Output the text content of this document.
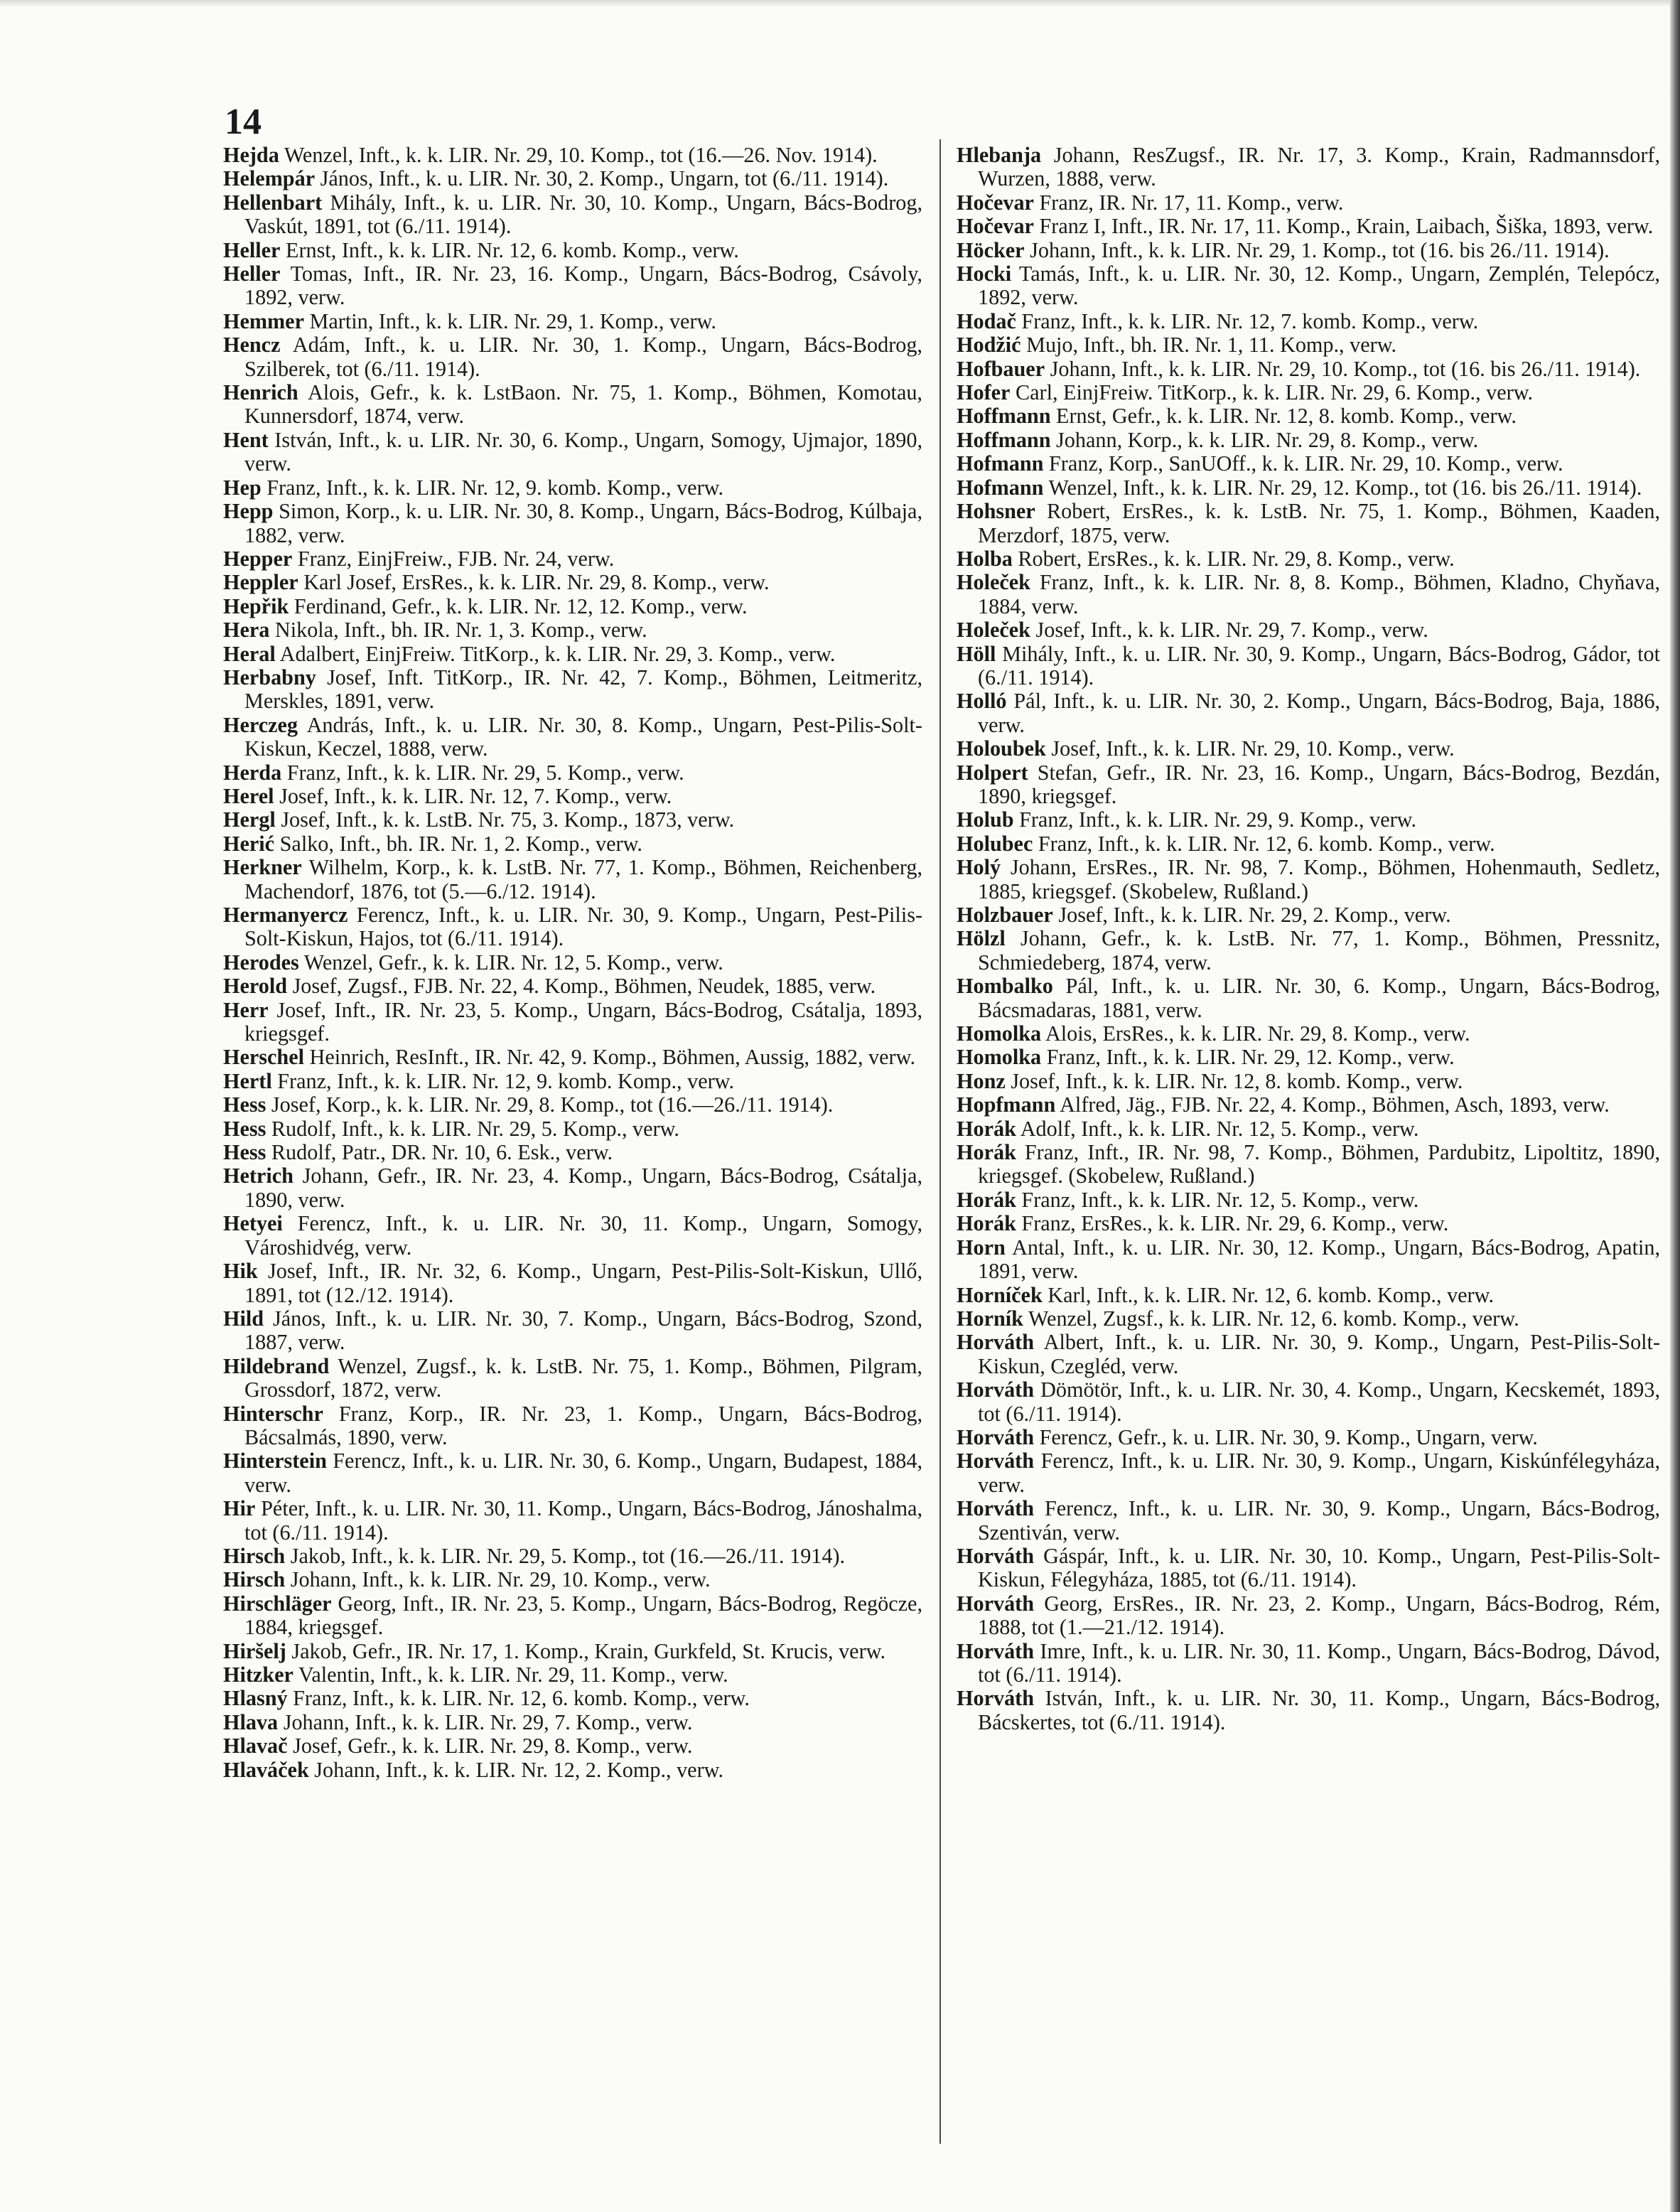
14
Hejda Wenzel, Inft., k. k. LIR. Nr. 29, 10. Komp., tot (16.—26. Nov. 1914).
Helempár János, Inft., k. u. LIR. Nr. 30, 2. Komp., Ungarn, tot (6./11. 1914).
Hellenbart Mihály, Inft., k. u. LIR. Nr. 30, 10. Komp., Ungarn, Bács-Bodrog, Vaskút, 1891, tot (6./11. 1914).
Heller Ernst, Inft., k. k. LIR. Nr. 12, 6. komb. Komp., verw.
Heller Tomas, Inft., IR. Nr. 23, 16. Komp., Ungarn, Bács-Bodrog, Csávoly, 1892, verw.
Hemmer Martin, Inft., k. k. LIR. Nr. 29, 1. Komp., verw.
Hencz Adám, Inft., k. u. LIR. Nr. 30, 1. Komp., Ungarn, Bács-Bodrog, Szilberek, tot (6./11. 1914).
Henrich Alois, Gefr., k. k. LstBaon. Nr. 75, 1. Komp., Böhmen, Komotau, Kunnersdorf, 1874, verw.
Hent István, Inft., k. u. LIR. Nr. 30, 6. Komp., Ungarn, Somogy, Ujmajor, 1890, verw.
Hep Franz, Inft., k. k. LIR. Nr. 12, 9. komb. Komp., verw.
Hepp Simon, Korp., k. u. LIR. Nr. 30, 8. Komp., Ungarn, Bács-Bodrog, Kúlbaja, 1882, verw.
Hepper Franz, EinjFreiw., FJB. Nr. 24, verw.
Heppler Karl Josef, ErsRes., k. k. LIR. Nr. 29, 8. Komp., verw.
Hepřik Ferdinand, Gefr., k. k. LIR. Nr. 12, 12. Komp., verw.
Hera Nikola, Inft., bh. IR. Nr. 1, 3. Komp., verw.
Heral Adalbert, EinjFreiw. TitKorp., k. k. LIR. Nr. 29, 3. Komp., verw.
Herbabny Josef, Inft. TitKorp., IR. Nr. 42, 7. Komp., Böhmen, Leitmeritz, Merskles, 1891, verw.
Herczeg András, Inft., k. u. LIR. Nr. 30, 8. Komp., Ungarn, Pest-Pilis-Solt-Kiskun, Keczel, 1888, verw.
Herda Franz, Inft., k. k. LIR. Nr. 29, 5. Komp., verw.
Herel Josef, Inft., k. k. LIR. Nr. 12, 7. Komp., verw.
Hergl Josef, Inft., k. k. LstB. Nr. 75, 3. Komp., 1873, verw.
Herić Salko, Inft., bh. IR. Nr. 1, 2. Komp., verw.
Herkner Wilhelm, Korp., k. k. LstB. Nr. 77, 1. Komp., Böhmen, Reichenberg, Machendorf, 1876, tot (5.—6./12. 1914).
Hermanyercz Ferencz, Inft., k. u. LIR. Nr. 30, 9. Komp., Ungarn, Pest-Pilis-Solt-Kiskun, Hajos, tot (6./11. 1914).
Herodes Wenzel, Gefr., k. k. LIR. Nr. 12, 5. Komp., verw.
Herold Josef, Zugsf., FJB. Nr. 22, 4. Komp., Böhmen, Neudek, 1885, verw.
Herr Josef, Inft., IR. Nr. 23, 5. Komp., Ungarn, Bács-Bodrog, Csátalja, 1893, kriegsgef.
Herschel Heinrich, ResInft., IR. Nr. 42, 9. Komp., Böhmen, Aussig, 1882, verw.
Hertl Franz, Inft., k. k. LIR. Nr. 12, 9. komb. Komp., verw.
Hess Josef, Korp., k. k. LIR. Nr. 29, 8. Komp., tot (16.—26./11. 1914).
Hess Rudolf, Inft., k. k. LIR. Nr. 29, 5. Komp., verw.
Hess Rudolf, Patr., DR. Nr. 10, 6. Esk., verw.
Hetrich Johann, Gefr., IR. Nr. 23, 4. Komp., Ungarn, Bács-Bodrog, Csátalja, 1890, verw.
Hetyei Ferencz, Inft., k. u. LIR. Nr. 30, 11. Komp., Ungarn, Somogy, Városhidvég, verw.
Hik Josef, Inft., IR. Nr. 32, 6. Komp., Ungarn, Pest-Pilis-Solt-Kiskun, Ullő, 1891, tot (12./12. 1914).
Hild János, Inft., k. u. LIR. Nr. 30, 7. Komp., Ungarn, Bács-Bodrog, Szond, 1887, verw.
Hildebrand Wenzel, Zugsf., k. k. LstB. Nr. 75, 1. Komp., Böhmen, Pilgram, Grossdorf, 1872, verw.
Hinterschr Franz, Korp., IR. Nr. 23, 1. Komp., Ungarn, Bács-Bodrog, Bácsalmás, 1890, verw.
Hinterstein Ferencz, Inft., k. u. LIR. Nr. 30, 6. Komp., Ungarn, Budapest, 1884, verw.
Hir Péter, Inft., k. u. LIR. Nr. 30, 11. Komp., Ungarn, Bács-Bodrog, Jánoshalma, tot (6./11. 1914).
Hirsch Jakob, Inft., k. k. LIR. Nr. 29, 5. Komp., tot (16.—26./11. 1914).
Hirsch Johann, Inft., k. k. LIR. Nr. 29, 10. Komp., verw.
Hirschläger Georg, Inft., IR. Nr. 23, 5. Komp., Ungarn, Bács-Bodrog, Regöcze, 1884, kriegsgef.
Hiršelj Jakob, Gefr., IR. Nr. 17, 1. Komp., Krain, Gurkfeld, St. Krucis, verw.
Hitzker Valentin, Inft., k. k. LIR. Nr. 29, 11. Komp., verw.
Hlasný Franz, Inft., k. k. LIR. Nr. 12, 6. komb. Komp., verw.
Hlava Johann, Inft., k. k. LIR. Nr. 29, 7. Komp., verw.
Hlavač Josef, Gefr., k. k. LIR. Nr. 29, 8. Komp., verw.
Hlaváček Johann, Inft., k. k. LIR. Nr. 12, 2. Komp., verw.
Hlebanja Johann, ResZugsf., IR. Nr. 17, 3. Komp., Krain, Radmannsdorf, Wurzen, 1888, verw.
Hočevar Franz, IR. Nr. 17, 11. Komp., verw.
Hočevar Franz I, Inft., IR. Nr. 17, 11. Komp., Krain, Laibach, Šiška, 1893, verw.
Höcker Johann, Inft., k. k. LIR. Nr. 29, 1. Komp., tot (16. bis 26./11. 1914).
Hocki Tamás, Inft., k. u. LIR. Nr. 30, 12. Komp., Ungarn, Zemplén, Telepócz, 1892, verw.
Hodač Franz, Inft., k. k. LIR. Nr. 12, 7. komb. Komp., verw.
Hodžić Mujo, Inft., bh. IR. Nr. 1, 11. Komp., verw.
Hofbauer Johann, Inft., k. k. LIR. Nr. 29, 10. Komp., tot (16. bis 26./11. 1914).
Hofer Carl, EinjFreiw. TitKorp., k. k. LIR. Nr. 29, 6. Komp., verw.
Hoffmann Ernst, Gefr., k. k. LIR. Nr. 12, 8. komb. Komp., verw.
Hoffmann Johann, Korp., k. k. LIR. Nr. 29, 8. Komp., verw.
Hofmann Franz, Korp., SanUOff., k. k. LIR. Nr. 29, 10. Komp., verw.
Hofmann Wenzel, Inft., k. k. LIR. Nr. 29, 12. Komp., tot (16. bis 26./11. 1914).
Hohsner Robert, ErsRes., k. k. LstB. Nr. 75, 1. Komp., Böhmen, Kaaden, Merzdorf, 1875, verw.
Holba Robert, ErsRes., k. k. LIR. Nr. 29, 8. Komp., verw.
Holeček Franz, Inft., k. k. LIR. Nr. 8, 8. Komp., Böhmen, Kladno, Chyňava, 1884, verw.
Holeček Josef, Inft., k. k. LIR. Nr. 29, 7. Komp., verw.
Höll Mihály, Inft., k. u. LIR. Nr. 30, 9. Komp., Ungarn, Bács-Bodrog, Gádor, tot (6./11. 1914).
Holló Pál, Inft., k. u. LIR. Nr. 30, 2. Komp., Ungarn, Bács-Bodrog, Baja, 1886, verw.
Holoubek Josef, Inft., k. k. LIR. Nr. 29, 10. Komp., verw.
Holpert Stefan, Gefr., IR. Nr. 23, 16. Komp., Ungarn, Bács-Bodrog, Bezdán, 1890, kriegsgef.
Holub Franz, Inft., k. k. LIR. Nr. 29, 9. Komp., verw.
Holubec Franz, Inft., k. k. LIR. Nr. 12, 6. komb. Komp., verw.
Holý Johann, ErsRes., IR. Nr. 98, 7. Komp., Böhmen, Hohenmauth, Sedletz, 1885, kriegsgef. (Skobelew, Rußland.)
Holzbauer Josef, Inft., k. k. LIR. Nr. 29, 2. Komp., verw.
Hölzl Johann, Gefr., k. k. LstB. Nr. 77, 1. Komp., Böhmen, Pressnitz, Schmiedeberg, 1874, verw.
Hombalko Pál, Inft., k. u. LIR. Nr. 30, 6. Komp., Ungarn, Bács-Bodrog, Bácsmadaras, 1881, verw.
Homolka Alois, ErsRes., k. k. LIR. Nr. 29, 8. Komp., verw.
Homolka Franz, Inft., k. k. LIR. Nr. 29, 12. Komp., verw.
Honz Josef, Inft., k. k. LIR. Nr. 12, 8. komb. Komp., verw.
Hopfmann Alfred, Jäg., FJB. Nr. 22, 4. Komp., Böhmen, Asch, 1893, verw.
Horák Adolf, Inft., k. k. LIR. Nr. 12, 5. Komp., verw.
Horák Franz, Inft., IR. Nr. 98, 7. Komp., Böhmen, Pardubitz, Lipoltitz, 1890, kriegsgef. (Skobelew, Rußland.)
Horák Franz, Inft., k. k. LIR. Nr. 12, 5. Komp., verw.
Horák Franz, ErsRes., k. k. LIR. Nr. 29, 6. Komp., verw.
Horn Antal, Inft., k. u. LIR. Nr. 30, 12. Komp., Ungarn, Bács-Bodrog, Apatin, 1891, verw.
Horníček Karl, Inft., k. k. LIR. Nr. 12, 6. komb. Komp., verw.
Horník Wenzel, Zugsf., k. k. LIR. Nr. 12, 6. komb. Komp., verw.
Horváth Albert, Inft., k. u. LIR. Nr. 30, 9. Komp., Ungarn, Pest-Pilis-Solt-Kiskun, Czegléd, verw.
Horváth Dömötör, Inft., k. u. LIR. Nr. 30, 4. Komp., Ungarn, Kecskemét, 1893, tot (6./11. 1914).
Horváth Ferencz, Gefr., k. u. LIR. Nr. 30, 9. Komp., Ungarn, verw.
Horváth Ferencz, Inft., k. u. LIR. Nr. 30, 9. Komp., Ungarn, Kiskúnfélegyháza, verw.
Horváth Ferencz, Inft., k. u. LIR. Nr. 30, 9. Komp., Ungarn, Bács-Bodrog, Szentiván, verw.
Horváth Gáspár, Inft., k. u. LIR. Nr. 30, 10. Komp., Ungarn, Pest-Pilis-Solt-Kiskun, Félegyháza, 1885, tot (6./11. 1914).
Horváth Georg, ErsRes., IR. Nr. 23, 2. Komp., Ungarn, Bács-Bodrog, Rém, 1888, tot (1.—21./12. 1914).
Horváth Imre, Inft., k. u. LIR. Nr. 30, 11. Komp., Ungarn, Bács-Bodrog, Dávod, tot (6./11. 1914).
Horváth István, Inft., k. u. LIR. Nr. 30, 11. Komp., Ungarn, Bács-Bodrog, Bácskertes, tot (6./11. 1914).
